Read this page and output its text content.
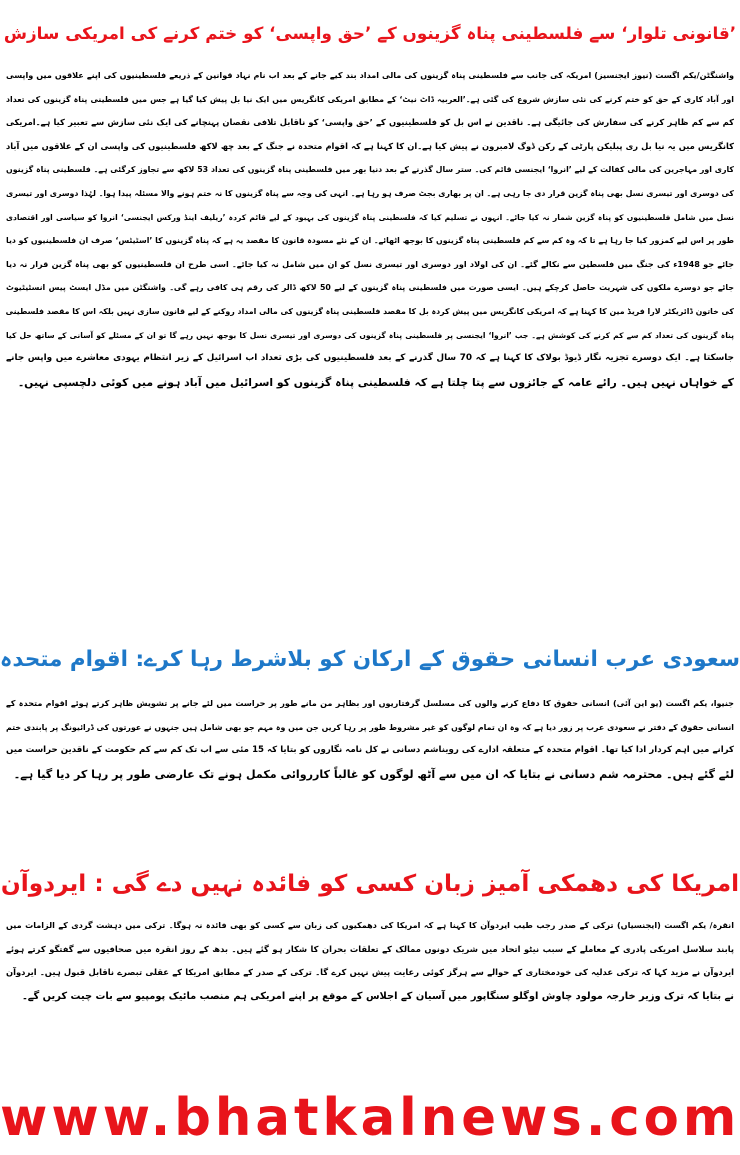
’قانونی تلوار‘ سے فلسطینی پناہ گزینوں کے ’حق واپسی‘ کو ختم کرنے کی امریکی سازش
واشنگٹن/یکم اگست (نیوز ایجنسیز) امریکہ کی جانب سے فلسطینی پناہ گزینوں کی مالی امداد بند کیے جانے کے بعد اب نام نہاد قوانین کے ذریعے فلسطینیوں کی اپنے علاقوں میں واپسی
اور آباد کاری کے حق کو ختم کرنے کی نئی سازش شروع کی گئی ہے۔’العربیہ ڈاٹ نیٹ‘ کے مطابق امریکی کانگریس میں ایک نیا بل پیش کیا گیا ہے جس میں فلسطینی پناہ گزینوں کی تعداد
کم سے کم ظاہر کرنے کی سفارش کی جائیگی ہے۔ ناقدین نے اس بل کو فلسطینیوں کے ’حق واپسی‘ کو ناقابل تلافی نقصان پہنچانے کی ایک نئی سازش سے تعبیر کیا ہے۔امریکی
کانگریس میں یہ نیا بل ری پبلیکن پارٹی کے رکن ڈوگ لامبرون نے پیش کیا ہے۔ان کا کہنا ہے کہ اقوام متحدہ نے جنگ کے بعد چھ لاکھ فلسطینیوں کی واپسی ان کے علاقوں میں آباد
کاری اور مہاجرین کی مالی کفالت کے لیے ’انروا‘ ایجنسی قائم کی۔ ستر سال گذرنے کے بعد دنیا بھر میں فلسطینی پناہ گزینوں کی تعداد 53 لاکھ سے تجاوز کرگئی ہے۔ فلسطینی پناہ گزینوں
کی دوسری اور تیسری نسل بھی پناہ گزین قرار دی جا رہی ہے۔ ان پر بھاری بجٹ صرف ہو رہا ہے۔ انہی کی وجہ سے پناہ گزینوں کا نہ ختم ہونے والا مسئلہ پیدا ہوا۔ لہٰذا دوسری اور تیسری
نسل میں شامل فلسطینیوں کو پناہ گزین شمار نہ کیا جائے۔ انہوں نے تسلیم کیا کہ فلسطینی پناہ گزینوں کی بہبود کے لیے قائم کردہ ’ریلیف اینڈ ورکس ایجنسی‘ انروا کو سیاسی اور اقتصادی
طور پر اس لیے کمزور کیا جا رہا ہے تا کہ وہ کم سے کم فلسطینی پناہ گزینوں کا بوجھ اٹھائے۔ ان کے نئے مسودہ قانون کا مقصد یہ ہے کہ پناہ گزینوں کا ’اسٹیٹس‘ صرف ان فلسطینیوں کو دیا
جائے جو 1948ء کی جنگ میں فلسطین سے نکالے گئے۔ ان کی اولاد اور دوسری اور تیسری نسل کو ان میں شامل نہ کیا جائے۔ اسی طرح ان فلسطینیوں کو بھی پناہ گزین قرار نہ دیا
جائے جو دوسرے ملکوں کی شہریت حاصل کرچکے ہیں۔ ایسی صورت میں فلسطینی پناہ گزینوں کے لیے 50 لاکھ ڈالر کی رقم ہی کافی رہے گی۔ واشنگٹن میں مڈل ایسٹ پیس انسٹیٹیوٹ
کی خاتون ڈائریکٹر لارا فریڈ مین کا کہنا ہے کہ امریکی کانگریس میں پیش کردہ بل کا مقصد فلسطینی پناہ گزینوں کی مالی امداد روکنے کے لیے قانون سازی نہیں بلکہ اس کا مقصد فلسطینی
پناہ گزینوں کی تعداد کم سے کم کرنے کی کوشش ہے۔ جب ’انروا‘ ایجنسی پر فلسطینی پناہ گزینوں کی دوسری اور تیسری نسل کا بوجھ نہیں رہے گا تو ان کے مسئلے کو آسانی کے ساتھ حل کیا
جاسکتا ہے۔ ایک دوسرے تجزیہ نگار ڈیوڈ بولاک کا کہنا ہے کہ 70 سال گذرنے کے بعد فلسطینیوں کی بڑی تعداد اب اسرائیل کے زیر انتظام یہودی معاشرے میں واپس جانے
کے خواہاں نہیں ہیں۔ رائے عامہ کے جائزوں سے پتا چلتا ہے کہ فلسطینی پناہ گزینوں کو اسرائیل میں آباد ہونے میں کوئی دلچسپی نہیں۔
سعودی عرب انسانی حقوق کے ارکان کو بلاشرط رہا کرے: اقوام متحدہ
جنیوا، یکم اگست (یو این آئی) انسانی حقوق کا دفاع کرنے والوں کی مسلسل گرفتاریوں اور بظاہر من مانے طور پر حراست میں لئے جانے پر تشویش ظاہر کرتے ہوئے اقوام متحدہ کے
انسانی حقوق کے دفتر نے سعودی عرب پر زور دیا ہے کہ وہ ان تمام لوگوں کو غیر مشروط طور پر رہا کریں جن میں وہ مہم جو بھی شامل ہیں جنہوں نے عورتوں کی ڈرائیونگ پر پابندی ختم
کرانے میں اہم کردار ادا کیا تھا۔ اقوام متحدہ کے متعلقہ ادارے کی رویناشم دسانی نے کل نامہ نگاروں کو بتایا کہ 15 مئی سے اب تک کم سے کم حکومت کے ناقدین حراست میں
لئے گئے ہیں۔ محترمہ شم دسانی نے بتایا کہ ان میں سے آٹھ لوگوں کو غالباً کارروائی مکمل ہونے تک عارضی طور پر رہا کر دیا گیا ہے۔
امریکا کی دھمکی آمیز زبان کسی کو فائدہ نہیں دے گی : ایردوآن
انقرہ/ یکم اگست (ایجنسیاں) ترکی کے صدر رجب طیب ایردوآن کا کہنا ہے کہ امریکا کی دھمکیوں کی زبان سے کسی کو بھی فائدہ نہ ہوگا۔ ترکی میں دہشت گردی کے الزامات میں
پابند سلاسل امریکی پادری کے معاملے کے سبب نیٹو اتحاد میں شریک دونوں ممالک کے تعلقات بحران کا شکار ہو گئے ہیں۔ بدھ کے روز انقرہ میں صحافیوں سے گفتگو کرتے ہوئے
ایردوآن نے مزید کہا کہ ترکی عدلیہ کی خودمختاری کے حوالے سے ہرگز کوئی رعایت پیش نہیں کرے گا۔ ترکی کے صدر کے مطابق امریکا کے عقلی تبصرے ناقابل قبول ہیں۔ ایردوآن
نے بتایا کہ ترک وزیر خارجہ مولود چاوش اوگلو سنگاپور میں آسیان کے اجلاس کے موقع پر اپنے امریکی ہم منصب مائیک پومپیو سے بات چیت کریں گے۔
www.bhatkalnews.com
